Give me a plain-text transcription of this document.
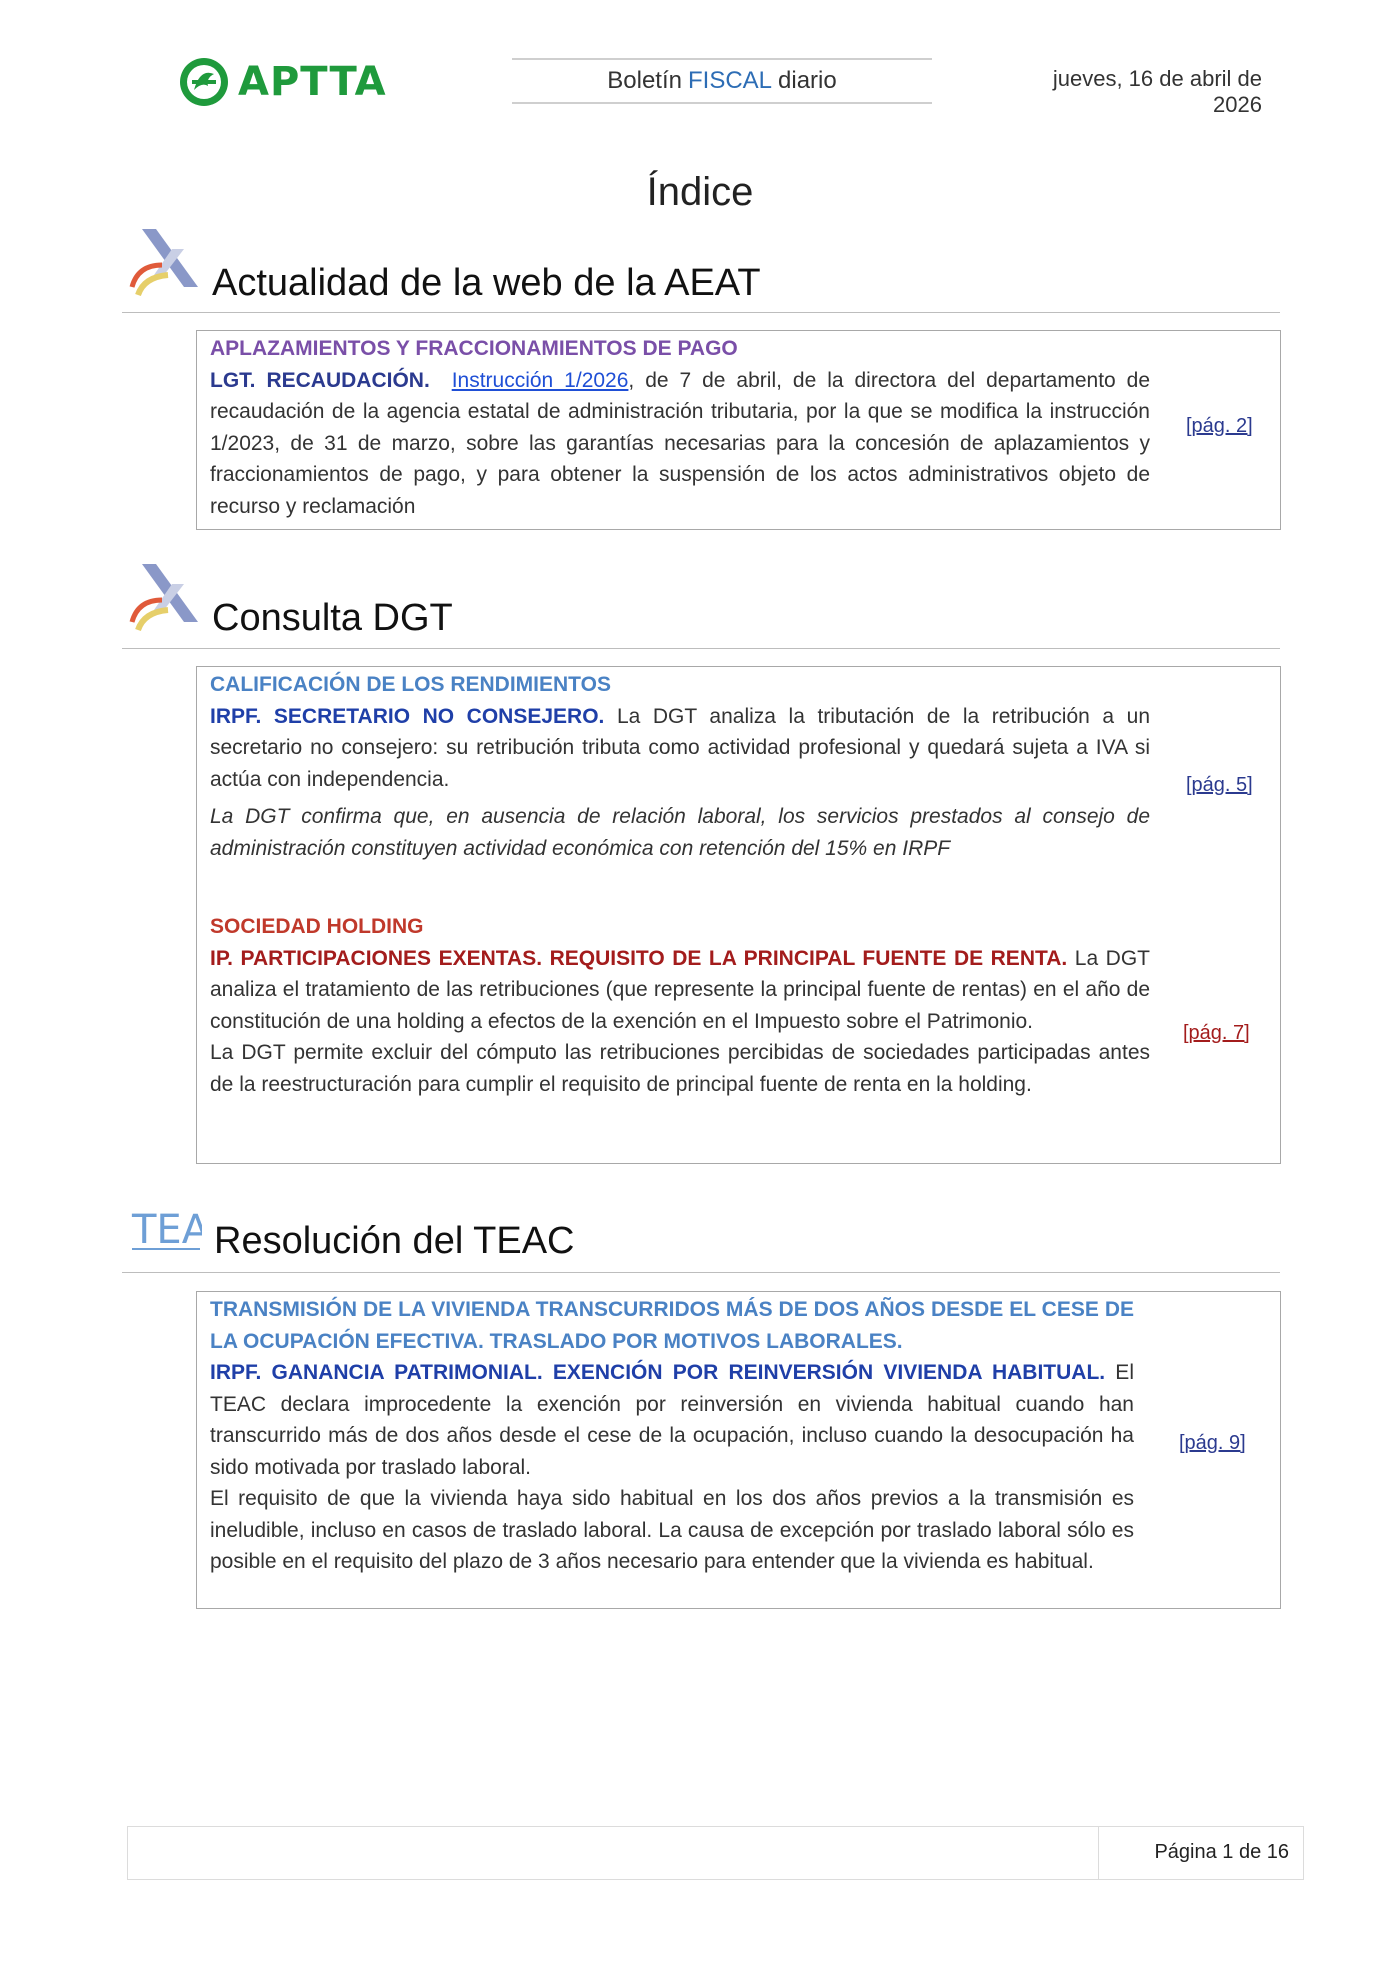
APTTA	Boletín FISCAL diario	jueves, 16 de abril de 2026
Índice
Actualidad de la web de la AEAT
APLAZAMIENTOS Y FRACCIONAMIENTOS DE PAGO
LGT. RECAUDACIÓN. Instrucción 1/2026, de 7 de abril, de la directora del departamento de recaudación de la agencia estatal de administración tributaria, por la que se modifica la instrucción 1/2023, de 31 de marzo, sobre las garantías necesarias para la concesión de aplazamientos y fraccionamientos de pago, y para obtener la suspensión de los actos administrativos objeto de recurso y reclamación
[pág. 2]
Consulta DGT
CALIFICACIÓN DE LOS RENDIMIENTOS
IRPF. SECRETARIO NO CONSEJERO. La DGT analiza la tributación de la retribución a un secretario no consejero: su retribución tributa como actividad profesional y quedará sujeta a IVA si actúa con independencia.
La DGT confirma que, en ausencia de relación laboral, los servicios prestados al consejo de administración constituyen actividad económica con retención del 15% en IRPF
[pág. 5]
SOCIEDAD HOLDING
IP. PARTICIPACIONES EXENTAS. REQUISITO DE LA PRINCIPAL FUENTE DE RENTA. La DGT analiza el tratamiento de las retribuciones (que represente la principal fuente de rentas) en el año de constitución de una holding a efectos de la exención en el Impuesto sobre el Patrimonio.
La DGT permite excluir del cómputo las retribuciones percibidas de sociedades participadas antes de la reestructuración para cumplir el requisito de principal fuente de renta en la holding.
[pág. 7]
TEA Resolución del TEAC
TRANSMISIÓN DE LA VIVIENDA TRANSCURRIDOS MÁS DE DOS AÑOS DESDE EL CESE DE LA OCUPACIÓN EFECTIVA. TRASLADO POR MOTIVOS LABORALES.
IRPF. GANANCIA PATRIMONIAL. EXENCIÓN POR REINVERSIÓN VIVIENDA HABITUAL. El TEAC declara improcedente la exención por reinversión en vivienda habitual cuando han transcurrido más de dos años desde el cese de la ocupación, incluso cuando la desocupación ha sido motivada por traslado laboral.
El requisito de que la vivienda haya sido habitual en los dos años previos a la transmisión es ineludible, incluso en casos de traslado laboral. La causa de excepción por traslado laboral sólo es posible en el requisito del plazo de 3 años necesario para entender que la vivienda es habitual.
[pág. 9]
Página 1 de 16
